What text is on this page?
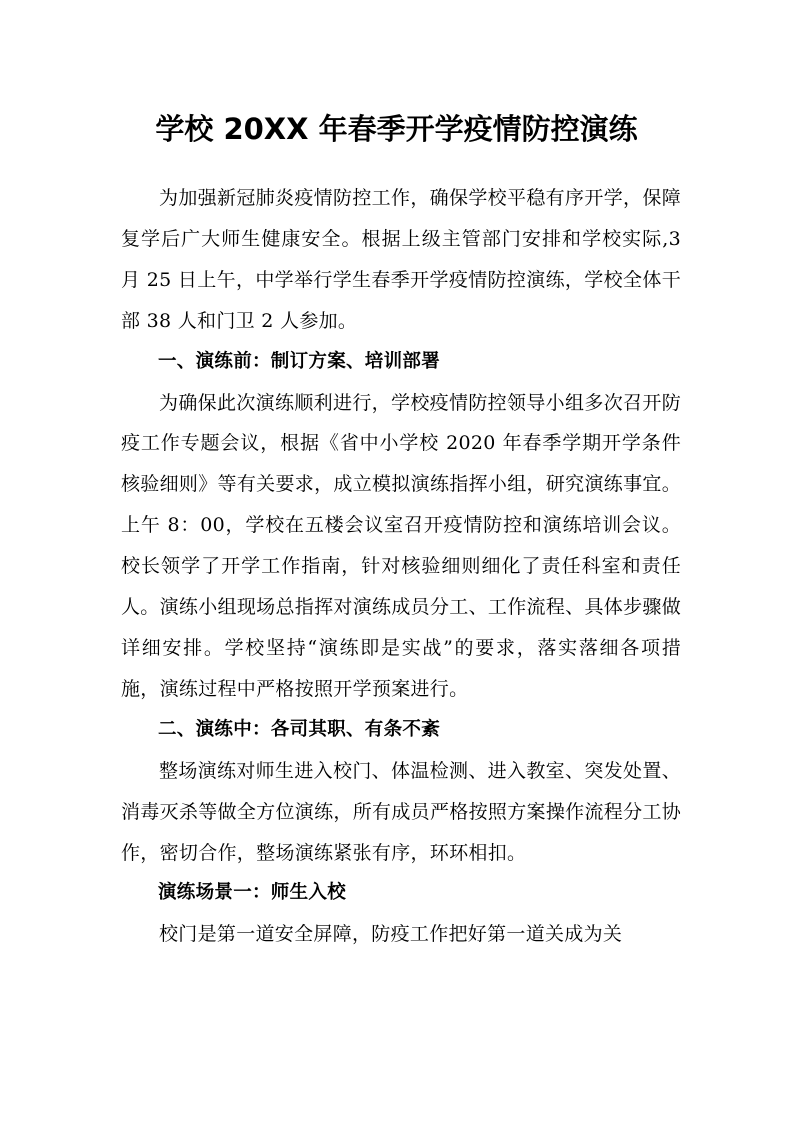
学校 20XX 年春季开学疫情防控演练

为加强新冠肺炎疫情防控工作，确保学校平稳有序开学，保障复学后广大师生健康安全。根据上级主管部门安排和学校实际,3 月 25 日上午，中学举行学生春季开学疫情防控演练，学校全体干部 38 人和门卫 2 人参加。

一、演练前：制订方案、培训部署

为确保此次演练顺利进行，学校疫情防控领导小组多次召开防疫工作专题会议，根据《省中小学校 2020 年春季学期开学条件核验细则》等有关要求，成立模拟演练指挥小组，研究演练事宜。上午 8：00，学校在五楼会议室召开疫情防控和演练培训会议。校长领学了开学工作指南，针对核验细则细化了责任科室和责任人。演练小组现场总指挥对演练成员分工、工作流程、具体步骤做详细安排。学校坚持“演练即是实战”的要求，落实落细各项措施，演练过程中严格按照开学预案进行。

二、演练中：各司其职、有条不紊

整场演练对师生进入校门、体温检测、进入教室、突发处置、消毒灭杀等做全方位演练，所有成员严格按照方案操作流程分工协作，密切合作，整场演练紧张有序，环环相扣。

演练场景一：师生入校

校门是第一道安全屏障，防疫工作把好第一道关成为关
